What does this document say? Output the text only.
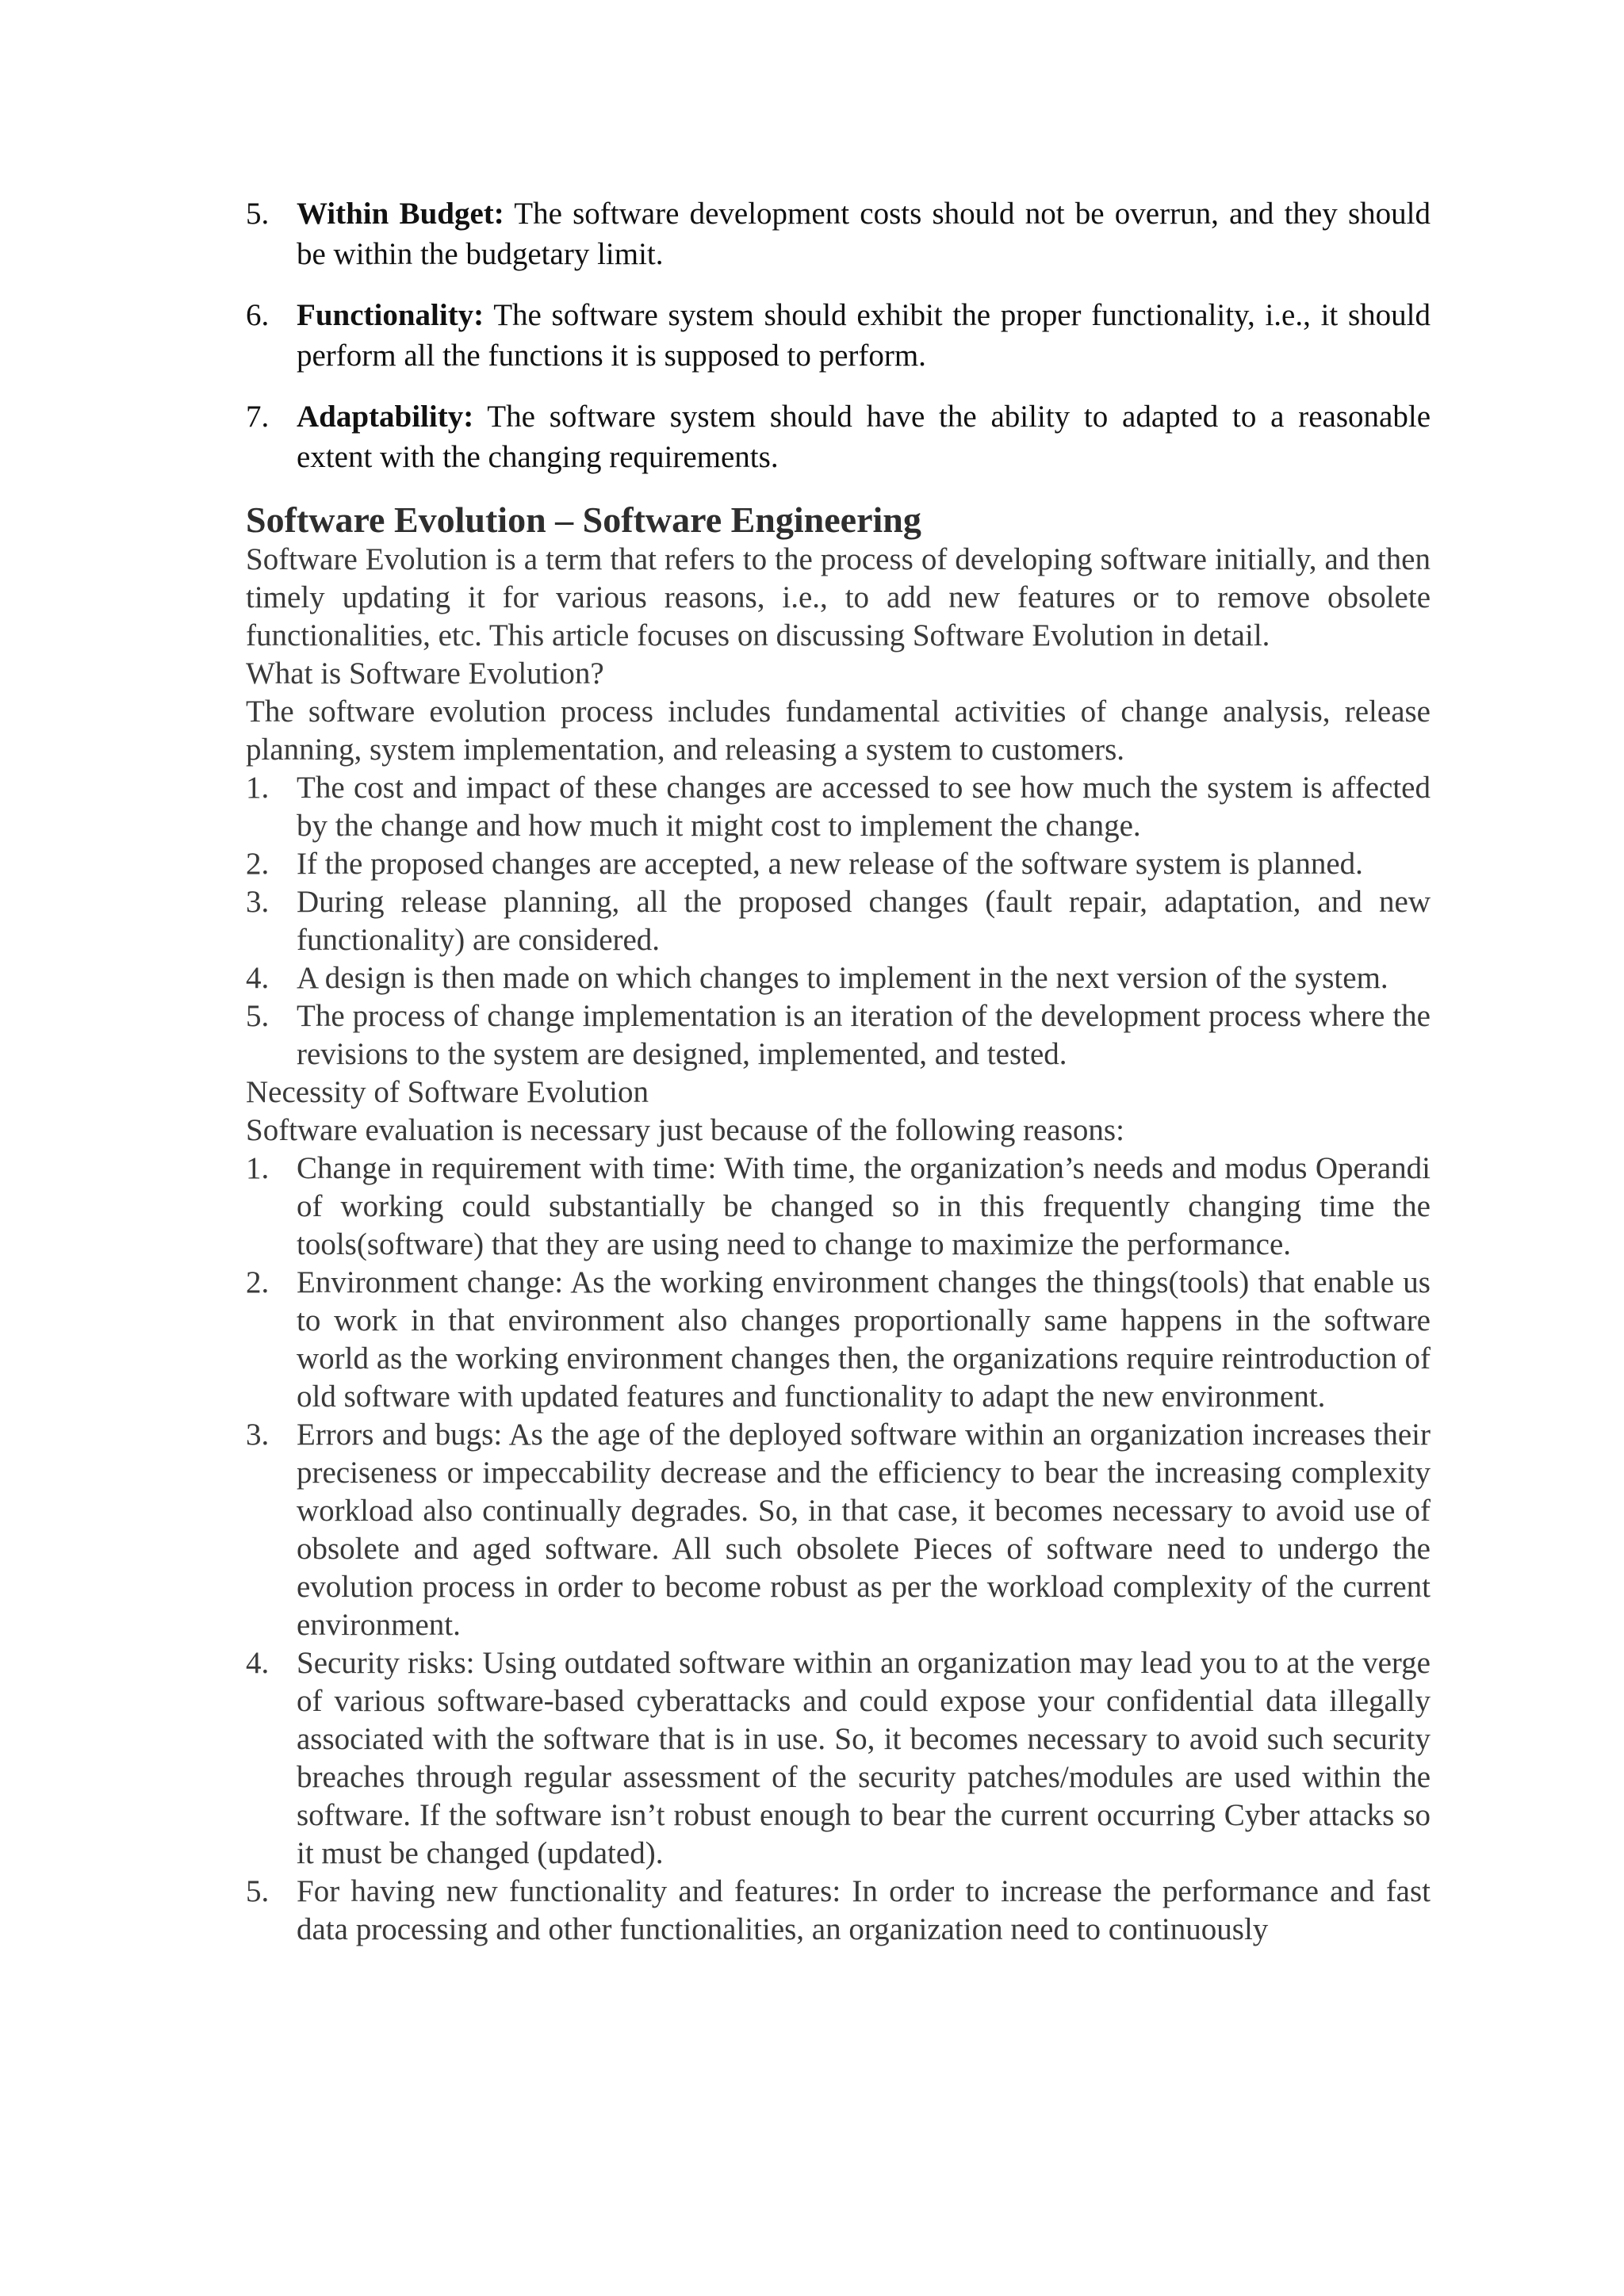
5. Within Budget: The software development costs should not be overrun, and they should be within the budgetary limit.
6. Functionality: The software system should exhibit the proper functionality, i.e., it should perform all the functions it is supposed to perform.
7. Adaptability: The software system should have the ability to adapted to a reasonable extent with the changing requirements.
Software Evolution – Software Engineering

Software Evolution is a term that refers to the process of developing software initially, and then timely updating it for various reasons, i.e., to add new features or to remove obsolete functionalities, etc. This article focuses on discussing Software Evolution in detail.

What is Software Evolution?

The software evolution process includes fundamental activities of change analysis, release planning, system implementation, and releasing a system to customers.

1. The cost and impact of these changes are accessed to see how much the system is affected by the change and how much it might cost to implement the change.
2. If the proposed changes are accepted, a new release of the software system is planned.
3. During release planning, all the proposed changes (fault repair, adaptation, and new functionality) are considered.
4. A design is then made on which changes to implement in the next version of the system.
5. The process of change implementation is an iteration of the development process where the revisions to the system are designed, implemented, and tested.

Necessity of Software Evolution

Software evaluation is necessary just because of the following reasons:

1. Change in requirement with time: With time, the organization’s needs and modus Operandi of working could substantially be changed so in this frequently changing time the tools(software) that they are using need to change to maximize the performance.
2. Environment change: As the working environment changes the things(tools) that enable us to work in that environment also changes proportionally same happens in the software world as the working environment changes then, the organizations require reintroduction of old software with updated features and functionality to adapt the new environment.
3. Errors and bugs: As the age of the deployed software within an organization increases their preciseness or impeccability decrease and the efficiency to bear the increasing complexity workload also continually degrades. So, in that case, it becomes necessary to avoid use of obsolete and aged software. All such obsolete Pieces of software need to undergo the evolution process in order to become robust as per the workload complexity of the current environment.
4. Security risks: Using outdated software within an organization may lead you to at the verge of various software-based cyberattacks and could expose your confidential data illegally associated with the software that is in use. So, it becomes necessary to avoid such security breaches through regular assessment of the security patches/modules are used within the software. If the software isn’t robust enough to bear the current occurring Cyber attacks so it must be changed (updated).
5. For having new functionality and features: In order to increase the performance and fast data processing and other functionalities, an organization need to continuously
